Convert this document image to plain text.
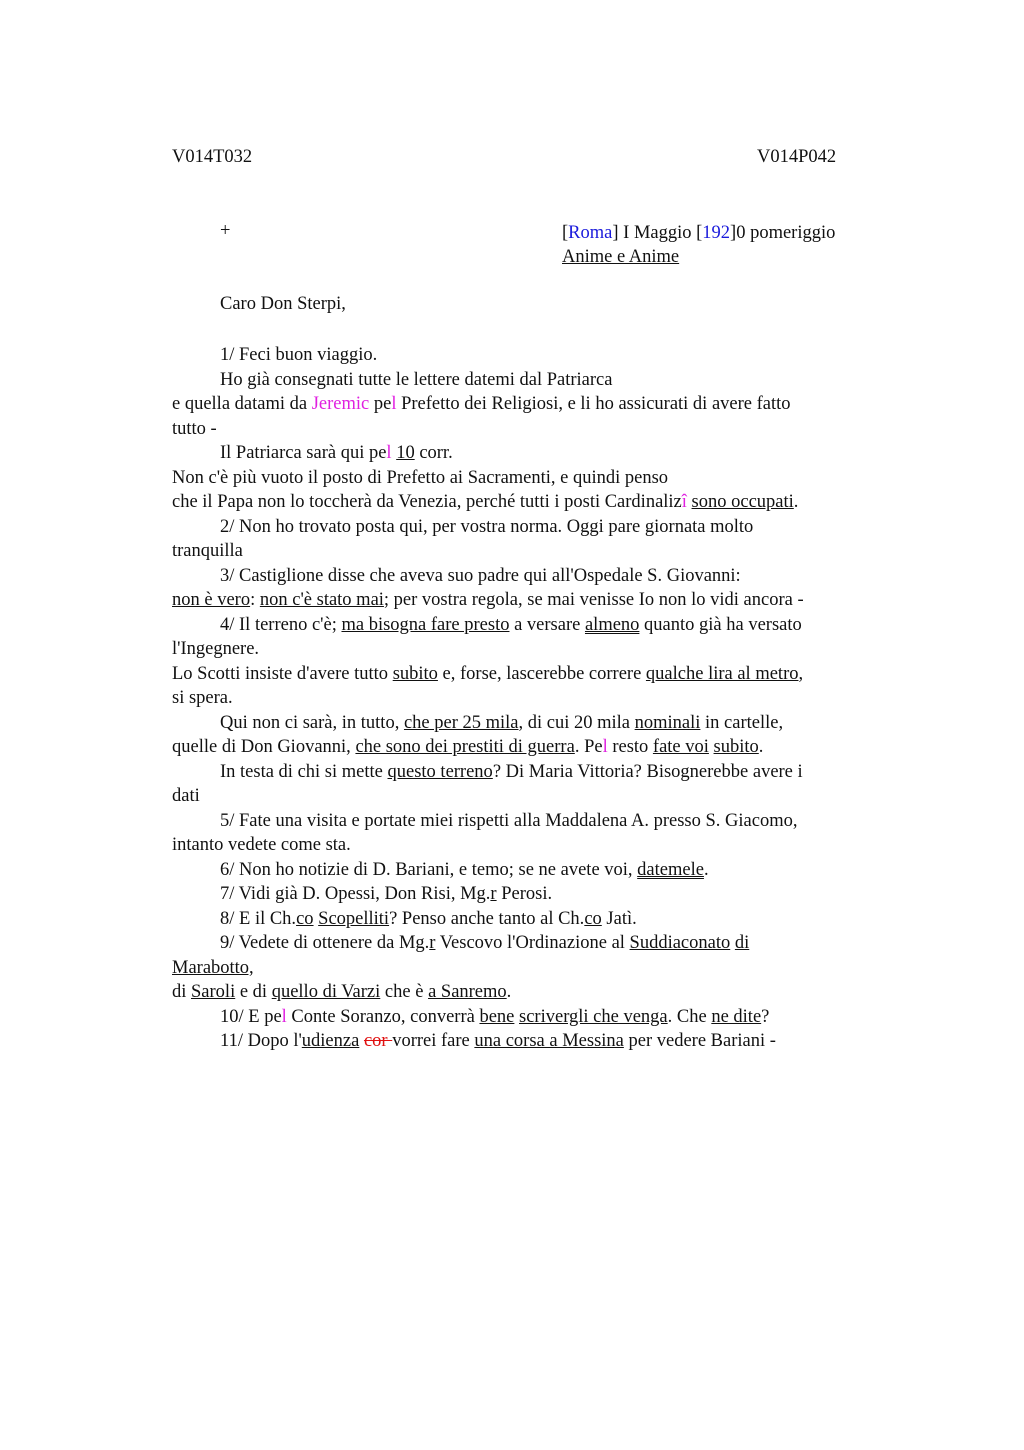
V014T032	V014P042
+	[Roma] I Maggio [192]0 pomeriggio
Anime e Anime
Caro Don Sterpi,
1/ Feci buon viaggio.
Ho già consegnati tutte le lettere datemi dal Patriarca
e quella datami da Jeremic pel Prefetto dei Religiosi, e li ho assicurati di avere fatto
tutto -
Il Patriarca sarà qui pel 10 corr.
Non c'è più vuoto il posto di Prefetto ai Sacramenti, e quindi penso
che il Papa non lo toccherà da Venezia, perché tutti i posti Cardinalizî sono occupati.
2/ Non ho trovato posta qui, per vostra norma. Oggi pare giornata molto
tranquilla
3/ Castiglione disse che aveva suo padre qui all'Ospedale S. Giovanni:
non è vero: non c'è stato mai; per vostra regola, se mai venisse Io non lo vidi ancora -
4/ Il terreno c'è; ma bisogna fare presto a versare almeno quanto già ha versato
l'Ingegnere.
Lo Scotti insiste d'avere tutto subito e, forse, lascerebbe correre qualche lira al metro,
si spera.
Qui non ci sarà, in tutto, che per 25 mila, di cui 20 mila nominali in cartelle,
quelle di Don Giovanni, che sono dei prestiti di guerra. Pel resto fate voi subito.
In testa di chi si mette questo terreno? Di Maria Vittoria? Bisognerebbe avere i
dati
5/ Fate una visita e portate miei rispetti alla Maddalena A. presso S. Giacomo,
intanto vedete come sta.
6/ Non ho notizie di D. Bariani, e temo; se ne avete voi, datemele.
7/ Vidi già D. Opessi, Don Risi, Mg.r Perosi.
8/ E il Ch.co Scopelliti? Penso anche tanto al Ch.co Jatì.
9/ Vedete di ottenere da Mg.r Vescovo l'Ordinazione al Suddiaconato di
Marabotto,
di Saroli e di quello di Varzi che è a Sanremo.
10/ E pel Conte Soranzo, converrà bene scrivergli che venga. Che ne dite?
11/ Dopo l'udienza cor vorrei fare una corsa a Messina per vedere Bariani -
